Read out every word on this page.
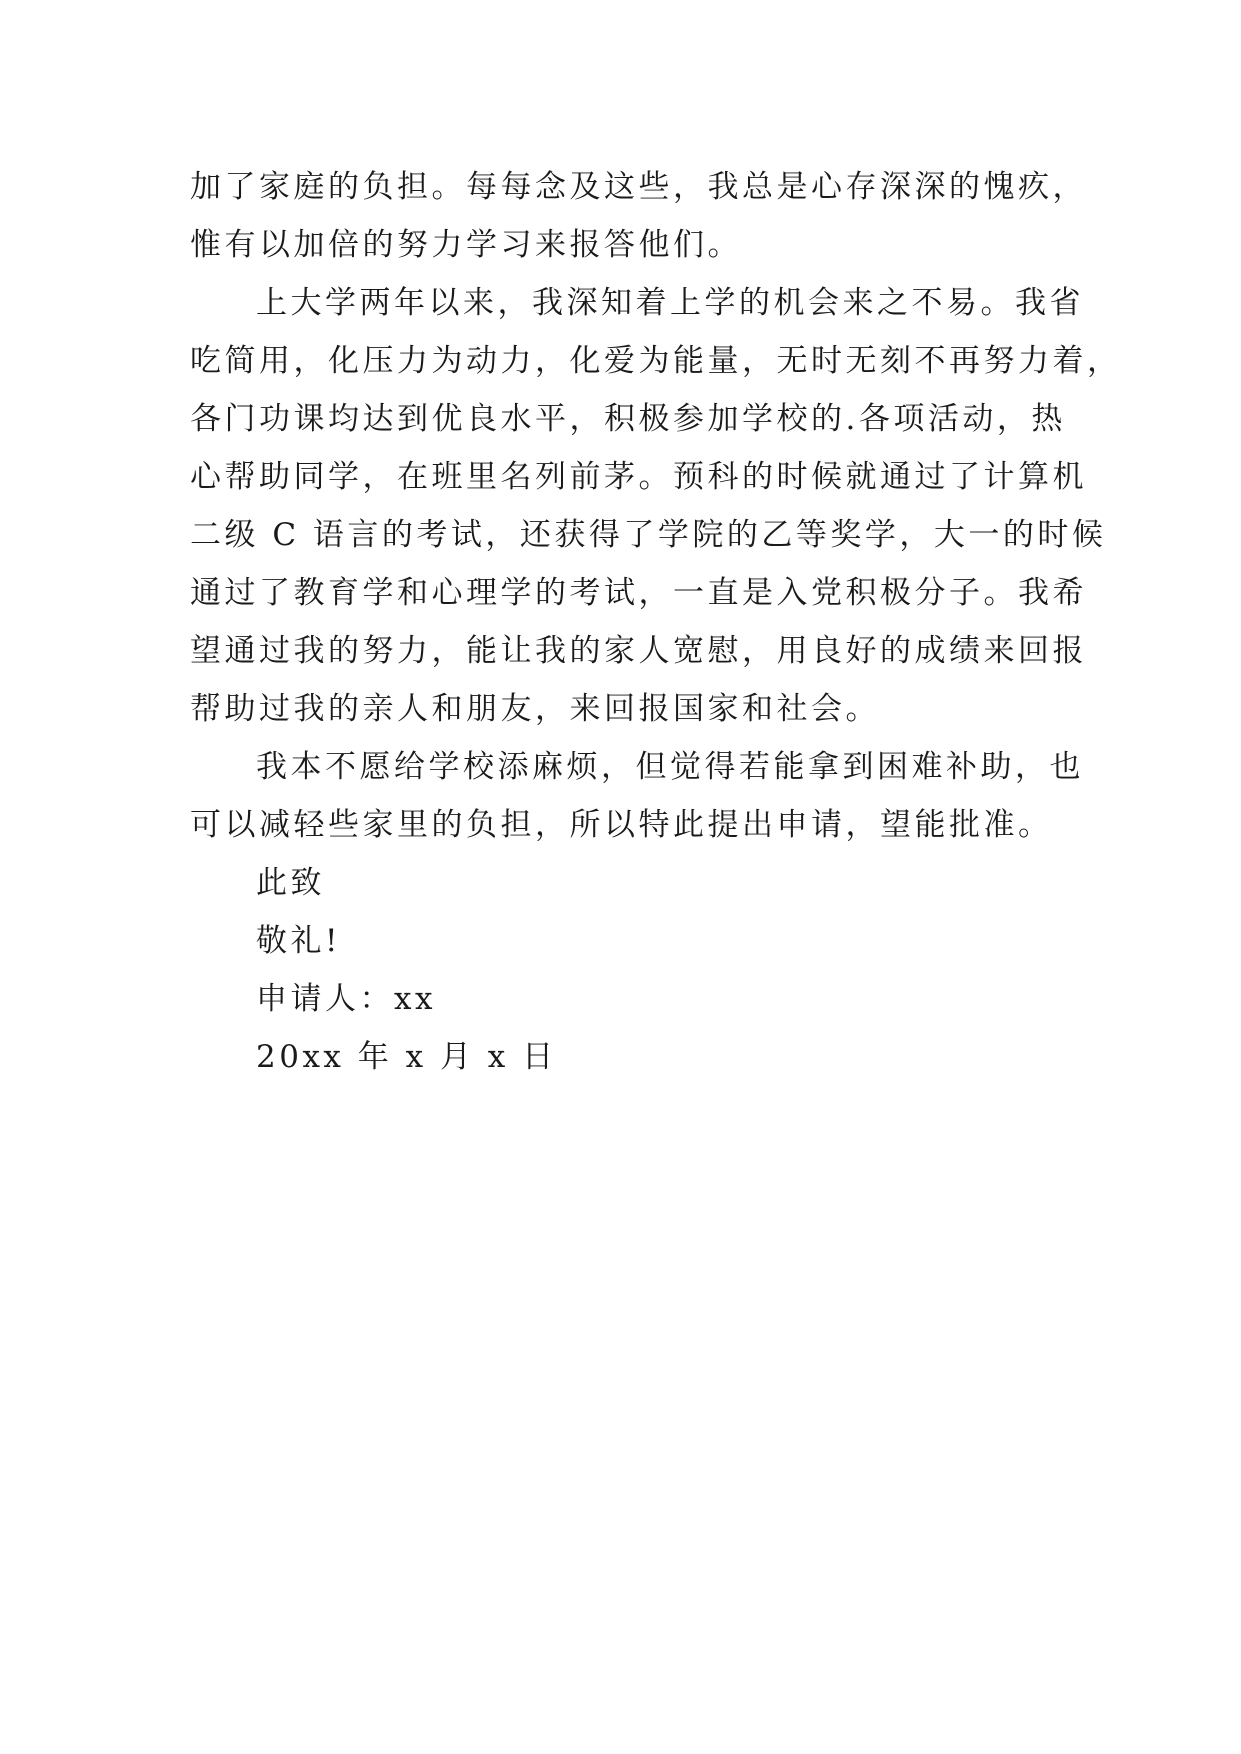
加了家庭的负担。每每念及这些，我总是心存深深的愧疚，
惟有以加倍的努力学习来报答他们。
上大学两年以来，我深知着上学的机会来之不易。我省
吃简用，化压力为动力，化爱为能量，无时无刻不再努力着，
各门功课均达到优良水平，积极参加学校的.各项活动，热
心帮助同学，在班里名列前茅。预科的时候就通过了计算机
二级 C 语言的考试，还获得了学院的乙等奖学，大一的时候
通过了教育学和心理学的考试，一直是入党积极分子。我希
望通过我的努力，能让我的家人宽慰，用良好的成绩来回报
帮助过我的亲人和朋友，来回报国家和社会。
我本不愿给学校添麻烦，但觉得若能拿到困难补助，也
可以减轻些家里的负担，所以特此提出申请，望能批准。
此致
敬礼!
申请人：xx
20xx 年 x 月 x 日
